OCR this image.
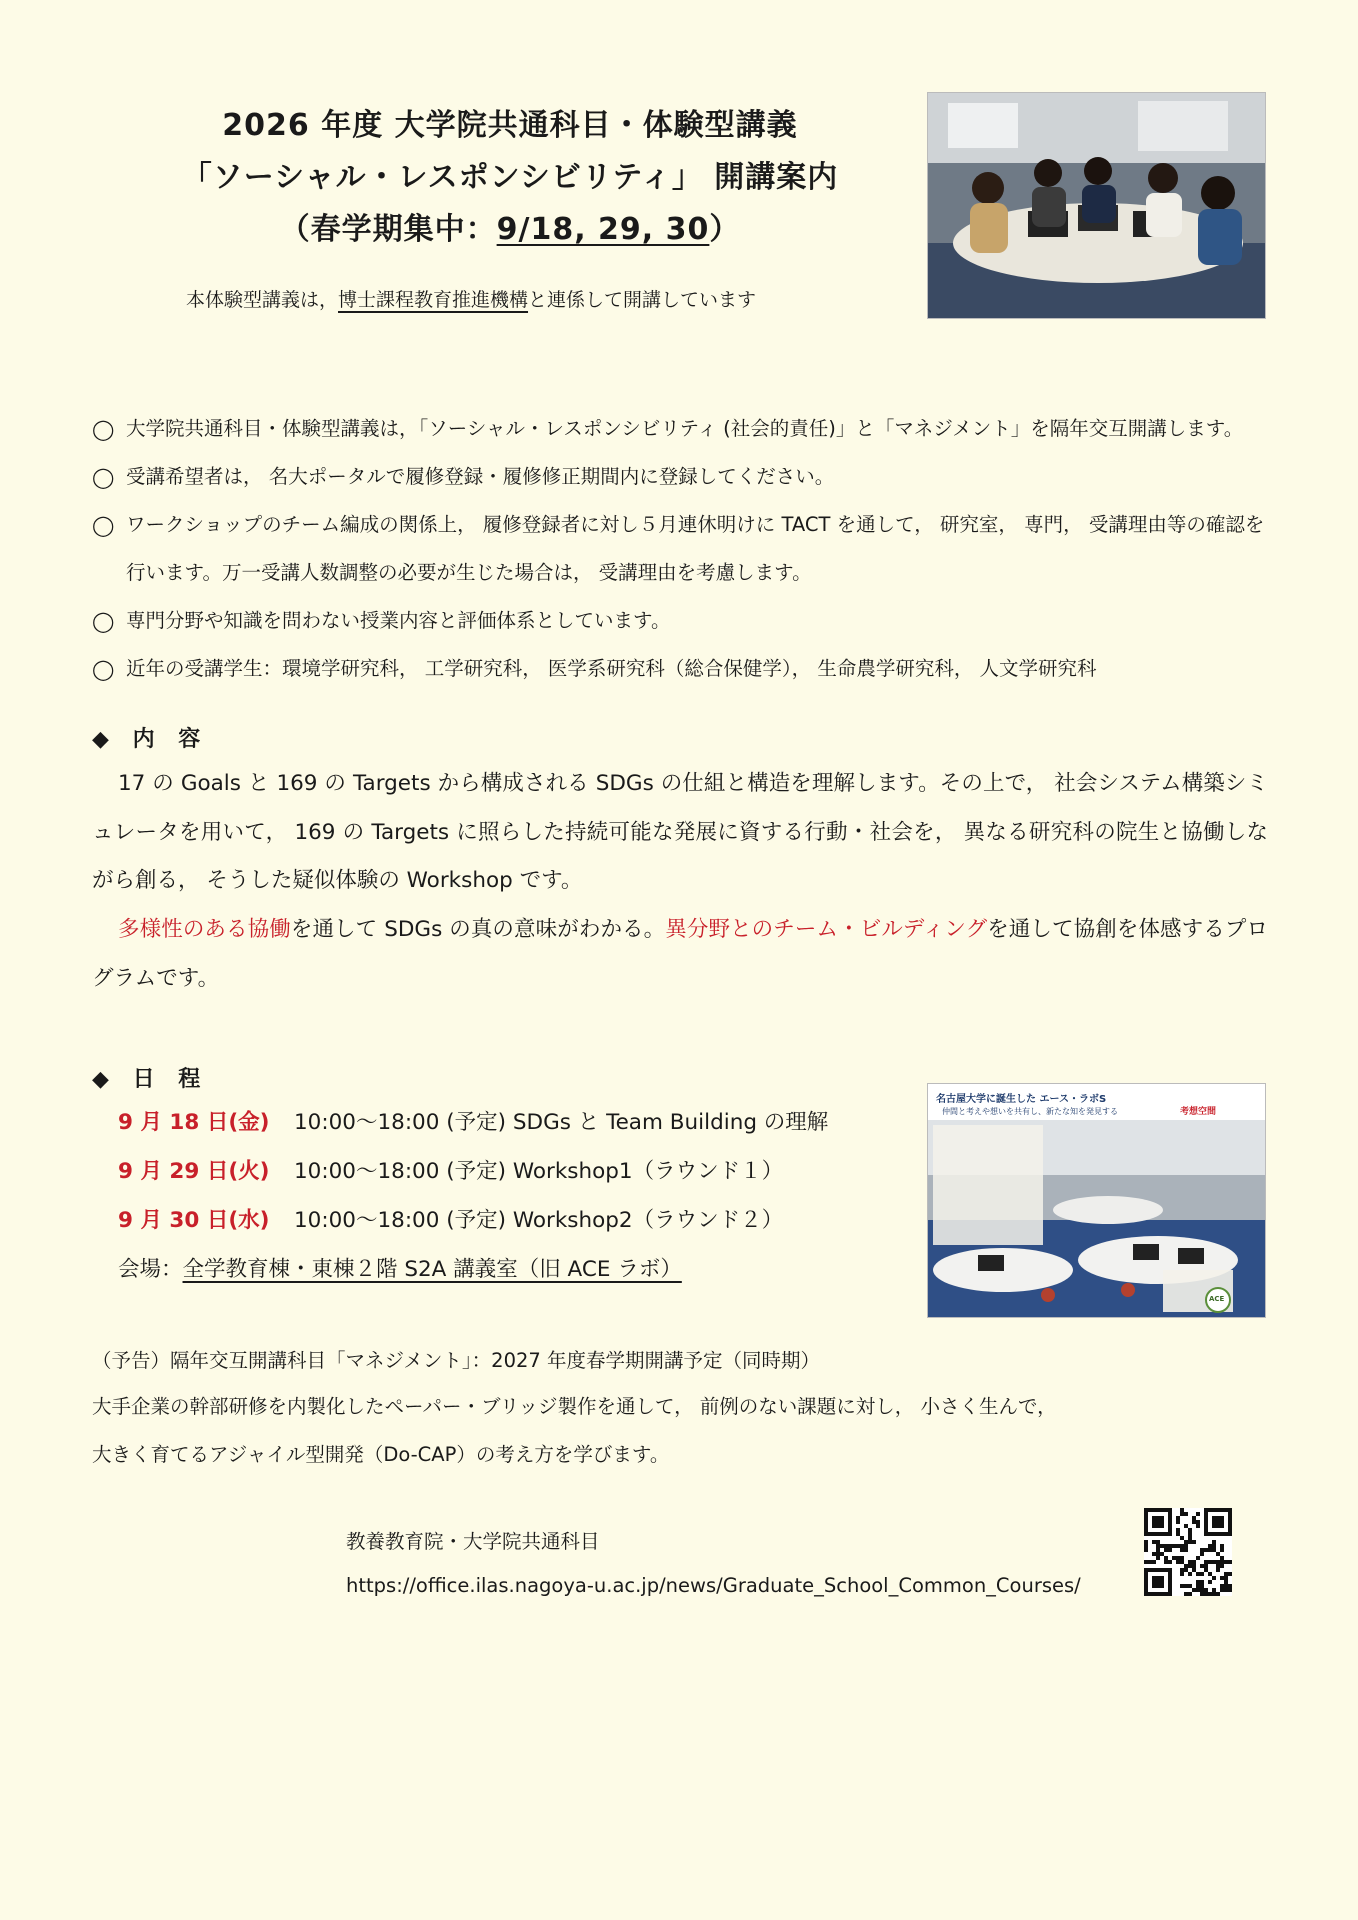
2026 年度 大学院共通科目・体験型講義
「ソーシャル・レスポンシビリティ」 開講案内
（春学期集中：9/18, 29, 30）
本体験型講義は，博士課程教育推進機構と連係して開講しています
◯ 大学院共通科目・体験型講義は，「ソーシャル・レスポンシビリティ (社会的責任)」と「マネジメント」を隔年交互開講します。
◯ 受講希望者は， 名大ポータルで履修登録・履修修正期間内に登録してください。
◯ ワークショップのチーム編成の関係上， 履修登録者に対し５月連休明けに TACT を通して， 研究室， 専門， 受講理由等の確認を行います。万一受講人数調整の必要が生じた場合は， 受講理由を考慮します。
◯ 専門分野や知識を問わない授業内容と評価体系としています。
◯ 近年の受講学生：環境学研究科， 工学研究科， 医学系研究科（総合保健学）， 生命農学研究科， 人文学研究科
◆ 内 容
17 の Goals と 169 の Targets から構成される SDGs の仕組と構造を理解します。その上で， 社会システム構築シミュレータを用いて， 169 の Targets に照らした持続可能な発展に資する行動・社会を， 異なる研究科の院生と協働しながら創る， そうした疑似体験の Workshop です。
多様性のある協働を通して SDGs の真の意味がわかる。異分野とのチーム・ビルディングを通して協創を体感するプログラムです。
◆ 日 程
9 月 18 日(金) 10:00～18:00 (予定) SDGs と Team Building の理解
9 月 29 日(火) 10:00～18:00 (予定) Workshop1（ラウンド１）
9 月 30 日(水) 10:00～18:00 (予定) Workshop2（ラウンド２）
会場：全学教育棟・東棟２階 S2A 講義室（旧 ACE ラボ）
名古屋大学に誕生した エース・ラボS
仲間と考えや想いを共有し、新たな知を発見する	考想空間
ACE
（予告）隔年交互開講科目「マネジメント」：2027 年度春学期開講予定（同時期）
大手企業の幹部研修を内製化したペーパー・ブリッジ製作を通して， 前例のない課題に対し， 小さく生んで，
大きく育てるアジャイル型開発（Do-CAP）の考え方を学びます。
教養教育院・大学院共通科目
https://office.ilas.nagoya-u.ac.jp/news/Graduate_School_Common_Courses/
